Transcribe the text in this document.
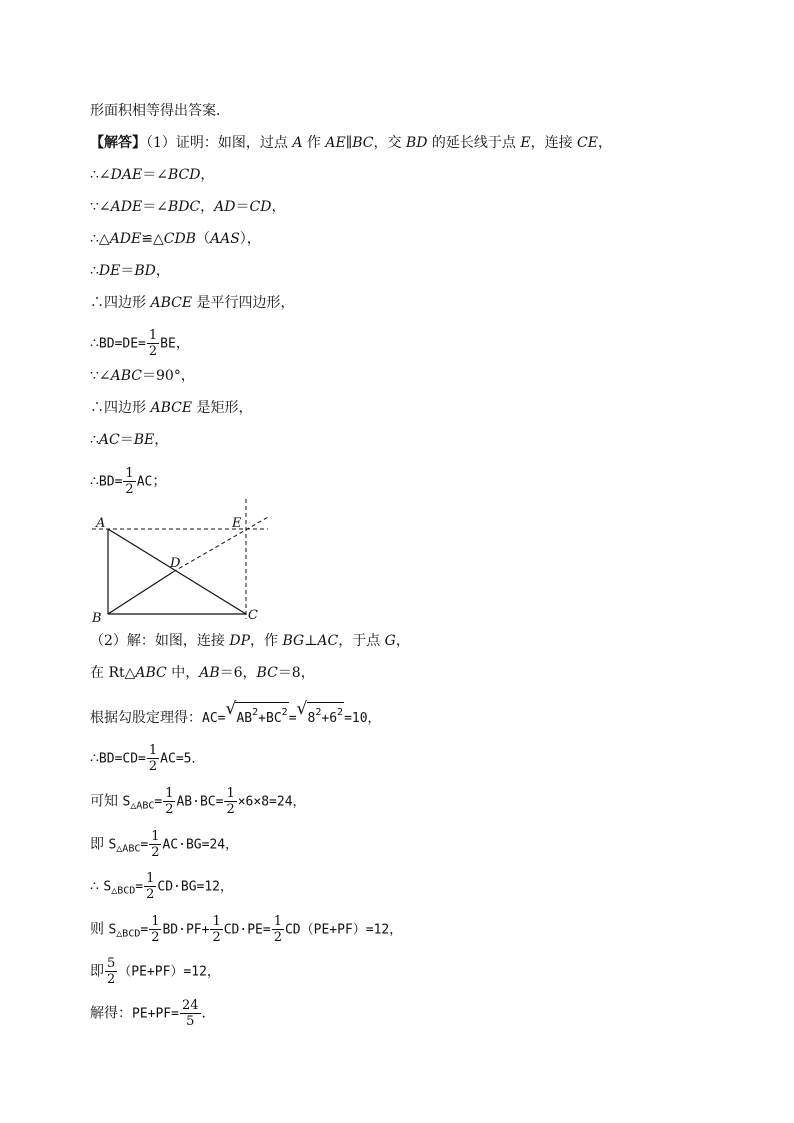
形面积相等得出答案．
【解答】（1）证明：如图，过点 A 作 AE∥BC，交 BD 的延长线于点 E，连接 CE，
∴∠DAE＝∠BCD，
∵∠ADE＝∠BDC，AD＝CD，
∴△ADE≌△CDB（AAS），
∴DE＝BD，
∴四边形 ABCE 是平行四边形，
∴BD=DE= $\frac{1}{2}$ BE，
∵∠ABC＝90°，
∴四边形 ABCE 是矩形，
∴AC＝BE，
∴BD= $\frac{1}{2}$ AC；
A
B	C
D
E
（2）解：如图，连接 DP，作 BG⊥AC，于点 G，
在 Rt△ABC 中，AB＝6，BC＝8，
根据勾股定理得：AC=√ $AB^2+BC^2=√$ $8^2+6^2=10$，
∴BD=CD= $\frac{1}{2} AC=5$．
可知 $S_{\triangle ABC}= \frac{1}{2} AB\cdot BC= \frac{1}{2} \times 6\times 8=24$，
即 $S_{\triangle ABC}= \frac{1}{2} AC\cdot BG=24$，
∴ $S_{\triangle BCD}= \frac{1}{2} CD\cdot BG=12$，
则 $S_{\triangle BCD}= \frac{1}{2} BD\cdot PF+ \frac{1}{2} CD\cdot PE= \frac{1}{2} CD(PE+PF)=12$，
即 $\frac{5}{2} (PE+PF)=12$，
解得：$PE+PF= \frac{24}{5}$ ．
